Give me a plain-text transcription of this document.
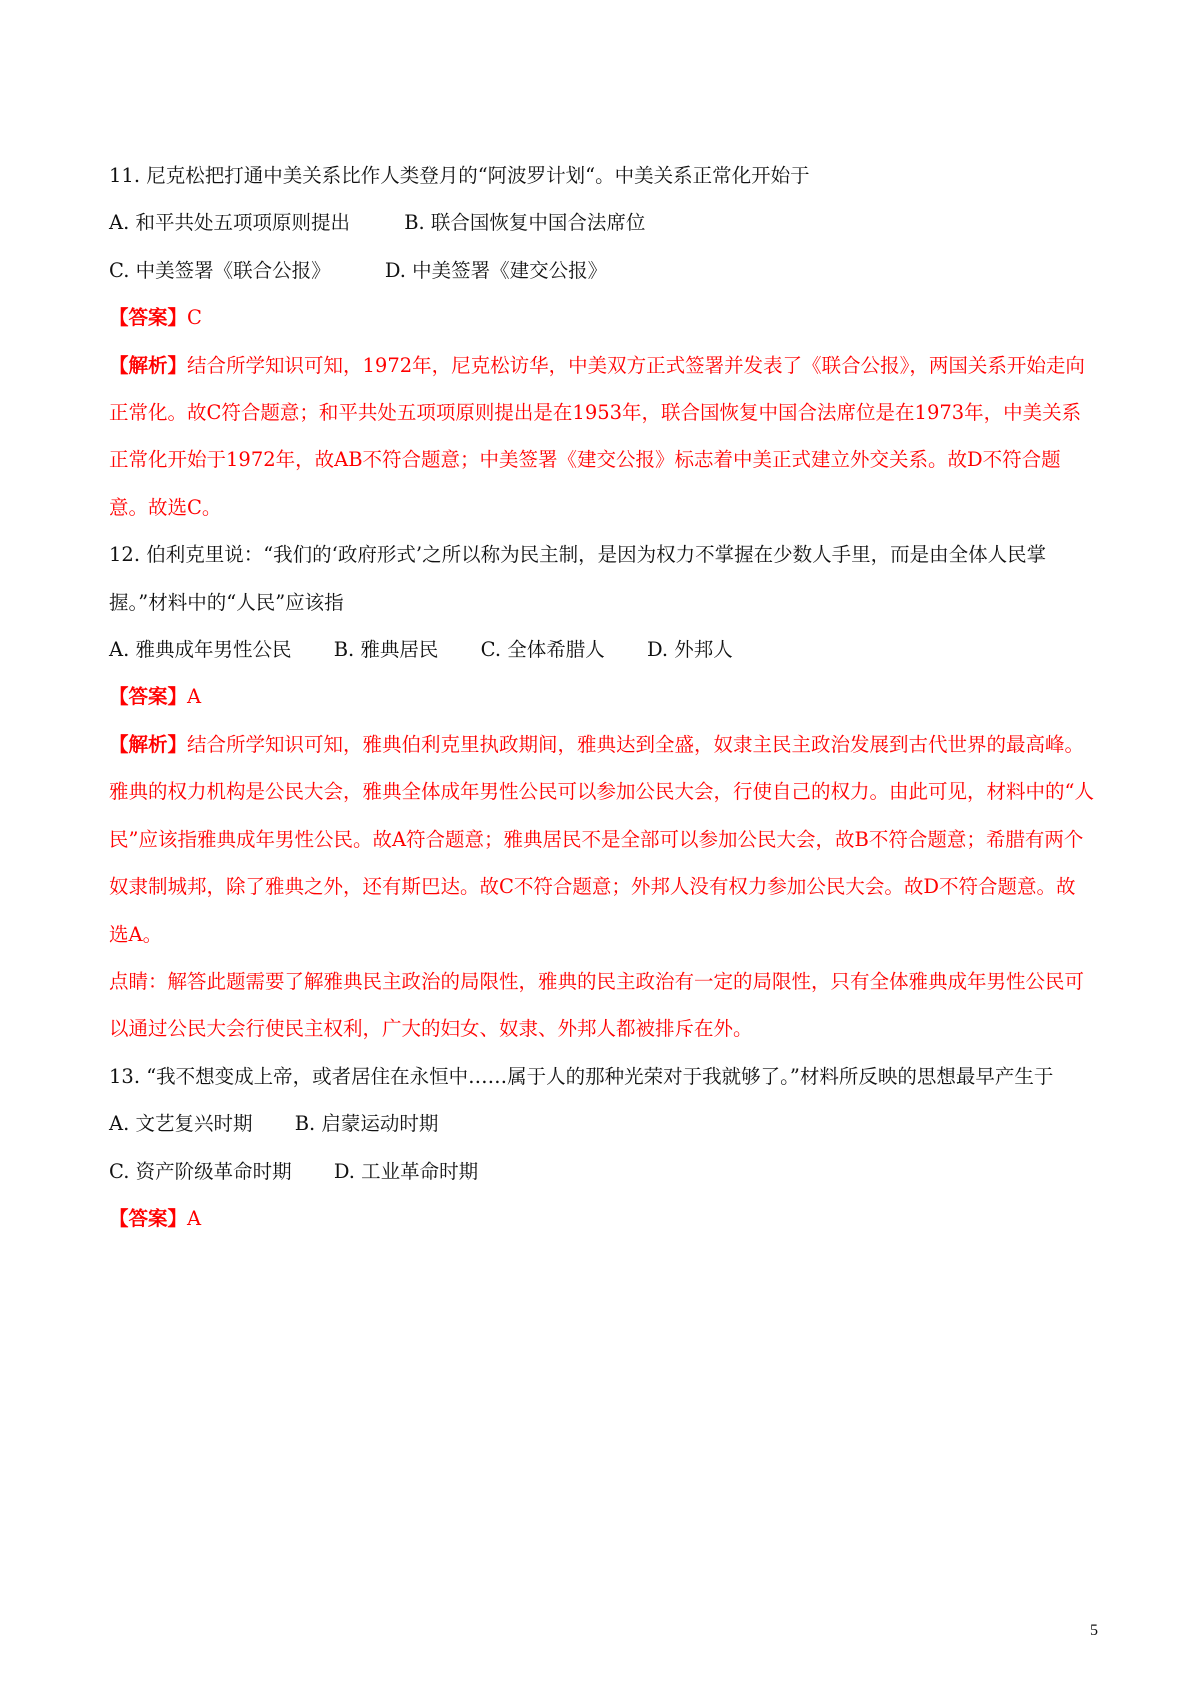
11. 尼克松把打通中美关系比作人类登月的“阿波罗计划“。中美关系正常化开始于
A. 和平共处五项项原则提出	B. 联合国恢复中国合法席位
C. 中美签署《联合公报》	D. 中美签署《建交公报》
【答案】C
【解析】结合所学知识可知，1972年，尼克松访华，中美双方正式签署并发表了《联合公报》，两国关系开始走向正常化。故C符合题意；和平共处五项项原则提出是在1953年，联合国恢复中国合法席位是在1973年，中美关系正常化开始于1972年，故AB不符合题意；中美签署《建交公报》标志着中美正式建立外交关系。故D不符合题意。故选C。
12. 伯利克里说：“我们的‘政府形式’之所以称为民主制，是因为权力不掌握在少数人手里，而是由全体人民掌握。”材料中的“人民”应该指
A. 雅典成年男性公民 B. 雅典居民 C. 全体希腊人 D. 外邦人
【答案】A
【解析】结合所学知识可知，雅典伯利克里执政期间，雅典达到全盛，奴隶主民主政治发展到古代世界的最高峰。雅典的权力机构是公民大会，雅典全体成年男性公民可以参加公民大会，行使自己的权力。由此可见，材料中的“人民”应该指雅典成年男性公民。故A符合题意；雅典居民不是全部可以参加公民大会，故B不符合题意；希腊有两个奴隶制城邦，除了雅典之外，还有斯巴达。故C不符合题意；外邦人没有权力参加公民大会。故D不符合题意。故选A。
点睛：解答此题需要了解雅典民主政治的局限性，雅典的民主政治有一定的局限性，只有全体雅典成年男性公民可以通过公民大会行使民主权利，广大的妇女、奴隶、外邦人都被排斥在外。
13. “我不想变成上帝，或者居住在永恒中……属于人的那种光荣对于我就够了。”材料所反映的思想最早产生于
A. 文艺复兴时期 B. 启蒙运动时期
C. 资产阶级革命时期 D. 工业革命时期
【答案】A
5
